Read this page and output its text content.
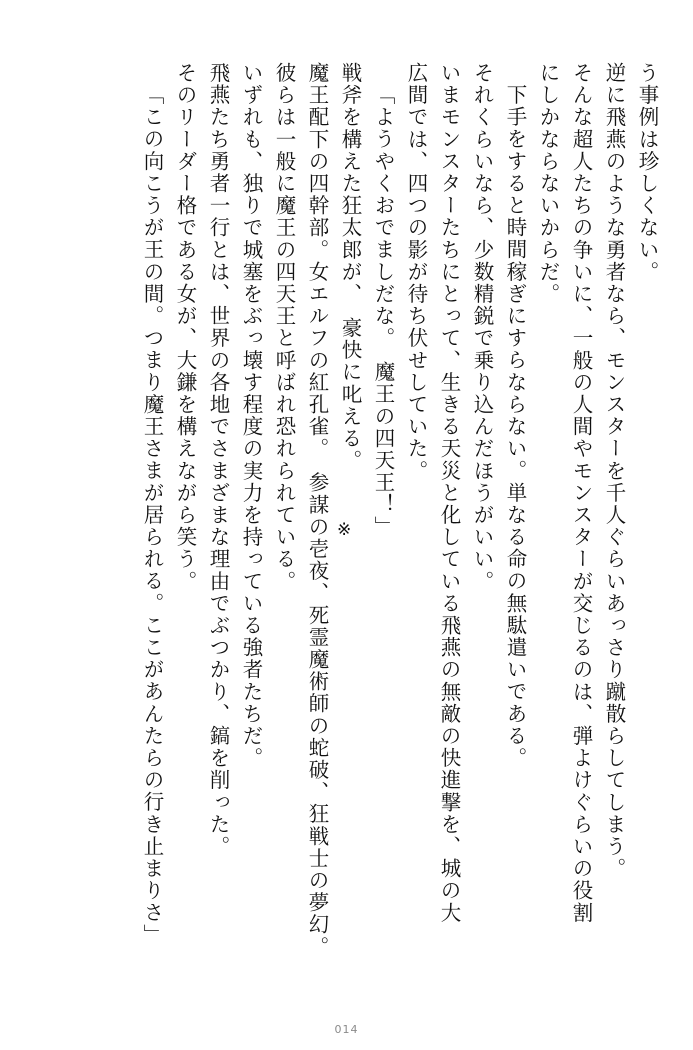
う事例は珍しくない。
逆に飛燕のような勇者なら、モンスターを千人ぐらいあっさり蹴散らしてしまう。
そんな超人たちの争いに、一般の人間やモンスターが交じるのは、弾よけぐらいの役割
にしかならないからだ。
下手をすると時間稼ぎにすらならない。単なる命の無駄遣いである。
それくらいなら、少数精鋭で乗り込んだほうがいい。
いまモンスターたちにとって、生きる天災と化している飛燕の無敵の快進撃を、城の大
広間では、四つの影が待ち伏せしていた。
「ようやくおでましだな。　魔王の四天王！」
戦斧を構えた狂太郎が、　豪快に叱える。
魔王配下の四幹部。女エルフの紅孔雀。　参謀の壱夜、死霊魔術師の蛇破、狂戦士の夢幻。
彼らは一般に魔王の四天王と呼ばれ恐れられている。
いずれも、独りで城塞をぶっ壊す程度の実力を持っている強者たちだ。
飛燕たち勇者一行とは、世界の各地でさまざまな理由でぶつかり、鎬を削った。
そのリーダー格である女が、大鎌を構えながら笑う。
「この向こうが王の間。つまり魔王さまが居られる。ここがあんたらの行き止まりさ」	※
014
